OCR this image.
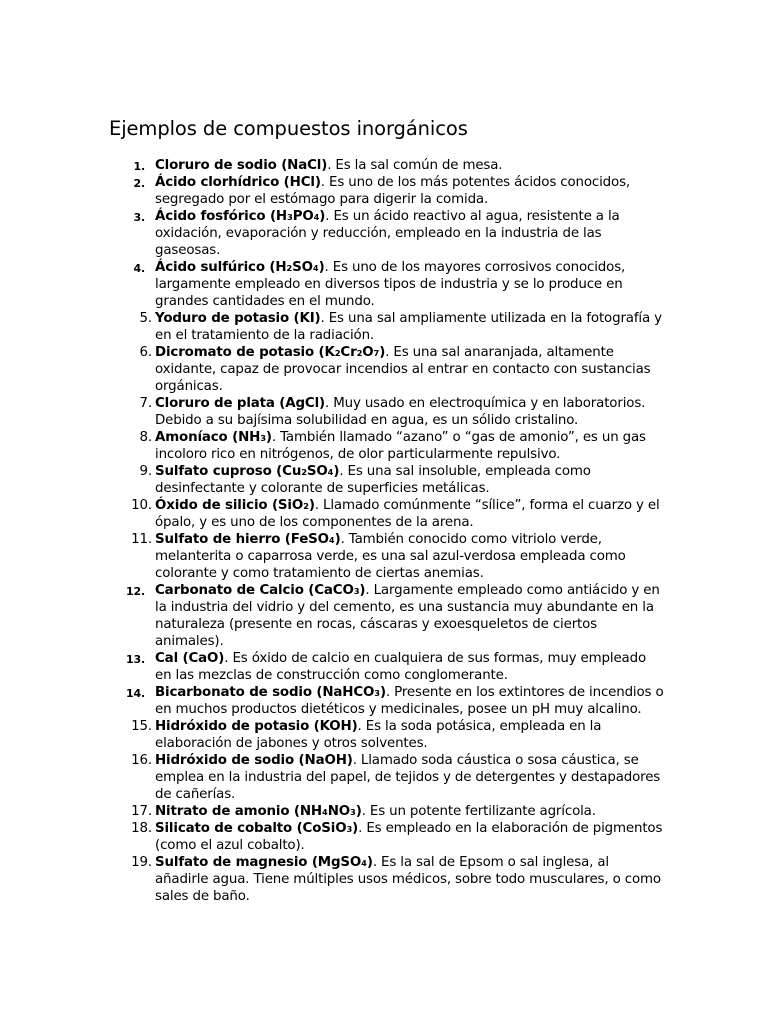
Ejemplos de compuestos inorgánicos
1. Cloruro de sodio (NaCl). Es la sal común de mesa.
2. Ácido clorhídrico (HCl). Es uno de los más potentes ácidos conocidos, segregado por el estómago para digerir la comida.
3. Ácido fosfórico (H₃PO₄). Es un ácido reactivo al agua, resistente a la oxidación, evaporación y reducción, empleado en la industria de las gaseosas.
4. Ácido sulfúrico (H₂SO₄). Es uno de los mayores corrosivos conocidos, largamente empleado en diversos tipos de industria y se lo produce en grandes cantidades en el mundo.
5. Yoduro de potasio (KI). Es una sal ampliamente utilizada en la fotografía y en el tratamiento de la radiación.
6. Dicromato de potasio (K₂Cr₂O₇). Es una sal anaranjada, altamente oxidante, capaz de provocar incendios al entrar en contacto con sustancias orgánicas.
7. Cloruro de plata (AgCl). Muy usado en electroquímica y en laboratorios. Debido a su bajísima solubilidad en agua, es un sólido cristalino.
8. Amoníaco (NH₃). También llamado “azano” o “gas de amonio”, es un gas incoloro rico en nitrógenos, de olor particularmente repulsivo.
9. Sulfato cuproso (Cu₂SO₄). Es una sal insoluble, empleada como desinfectante y colorante de superficies metálicas.
10. Óxido de silicio (SiO₂). Llamado comúnmente “sílice”, forma el cuarzo y el ópalo, y es uno de los componentes de la arena.
11. Sulfato de hierro (FeSO₄). También conocido como vitriolo verde, melanterita o caparrosa verde, es una sal azul-verdosa empleada como colorante y como tratamiento de ciertas anemias.
12. Carbonato de Calcio (CaCO₃). Largamente empleado como antiácido y en la industria del vidrio y del cemento, es una sustancia muy abundante en la naturaleza (presente en rocas, cáscaras y exoesqueletos de ciertos animales).
13. Cal (CaO). Es óxido de calcio en cualquiera de sus formas, muy empleado en las mezclas de construcción como conglomerante.
14. Bicarbonato de sodio (NaHCO₃). Presente en los extintores de incendios o en muchos productos dietéticos y medicinales, posee un pH muy alcalino.
15. Hidróxido de potasio (KOH). Es la soda potásica, empleada en la elaboración de jabones y otros solventes.
16. Hidróxido de sodio (NaOH). Llamado soda cáustica o sosa cáustica, se emplea en la industria del papel, de tejidos y de detergentes y destapadores de cañerías.
17. Nitrato de amonio (NH₄NO₃). Es un potente fertilizante agrícola.
18. Silicato de cobalto (CoSiO₃). Es empleado en la elaboración de pigmentos (como el azul cobalto).
19. Sulfato de magnesio (MgSO₄). Es la sal de Epsom o sal inglesa, al añadirle agua. Tiene múltiples usos médicos, sobre todo musculares, o como sales de baño.
